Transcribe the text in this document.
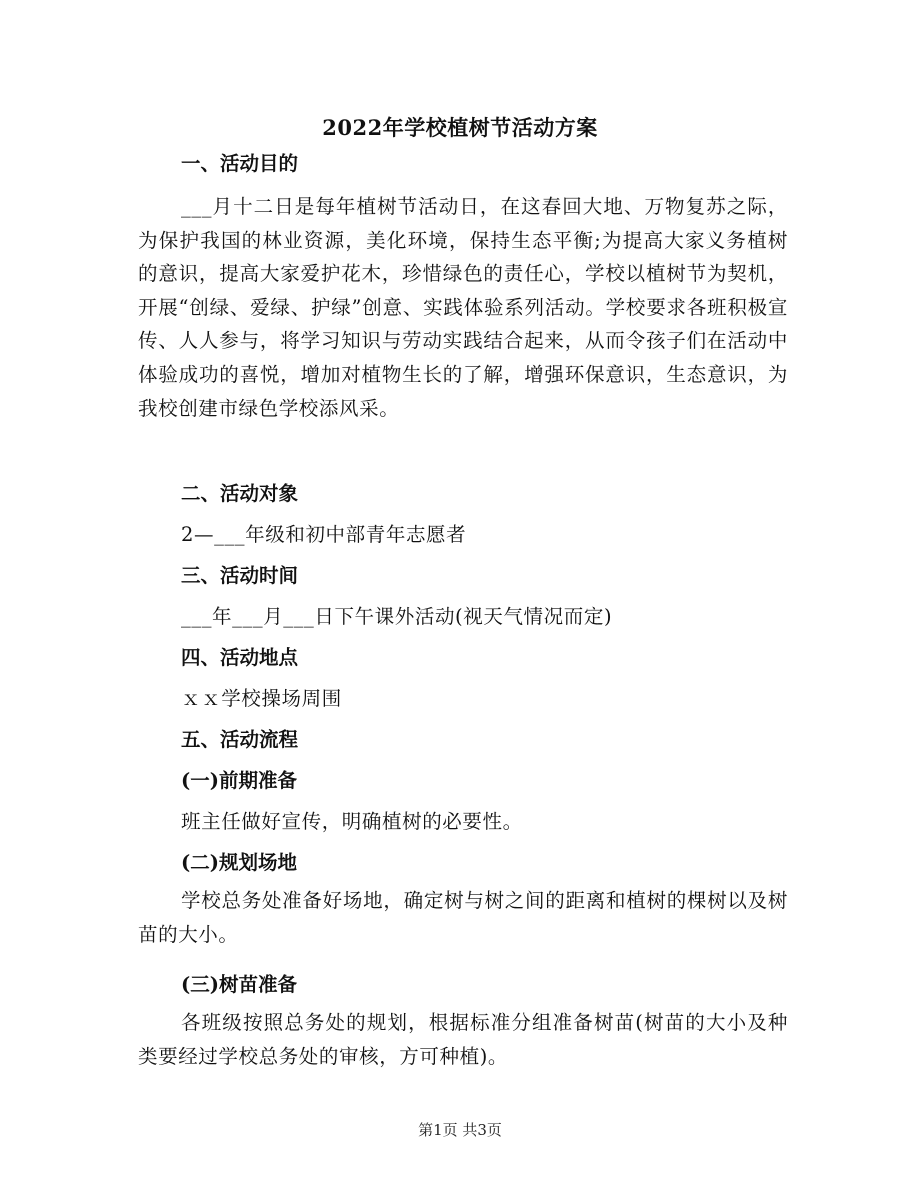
2022年学校植树节活动方案
一、活动目的
___月十二日是每年植树节活动日，在这春回大地、万物复苏之际，为保护我国的林业资源，美化环境，保持生态平衡;为提高大家义务植树的意识，提高大家爱护花木，珍惜绿色的责任心，学校以植树节为契机，开展“创绿、爱绿、护绿”创意、实践体验系列活动。学校要求各班积极宣传、人人参与，将学习知识与劳动实践结合起来，从而令孩子们在活动中体验成功的喜悦，增加对植物生长的了解，增强环保意识，生态意识，为我校创建市绿色学校添风采。
二、活动对象
2—___年级和初中部青年志愿者
三、活动时间
___年___月___日下午课外活动(视天气情况而定)
四、活动地点
ｘｘ学校操场周围
五、活动流程
(一)前期准备
班主任做好宣传，明确植树的必要性。
(二)规划场地
学校总务处准备好场地，确定树与树之间的距离和植树的棵树以及树苗的大小。
(三)树苗准备
各班级按照总务处的规划，根据标准分组准备树苗(树苗的大小及种类要经过学校总务处的审核，方可种植)。
第1页 共3页
